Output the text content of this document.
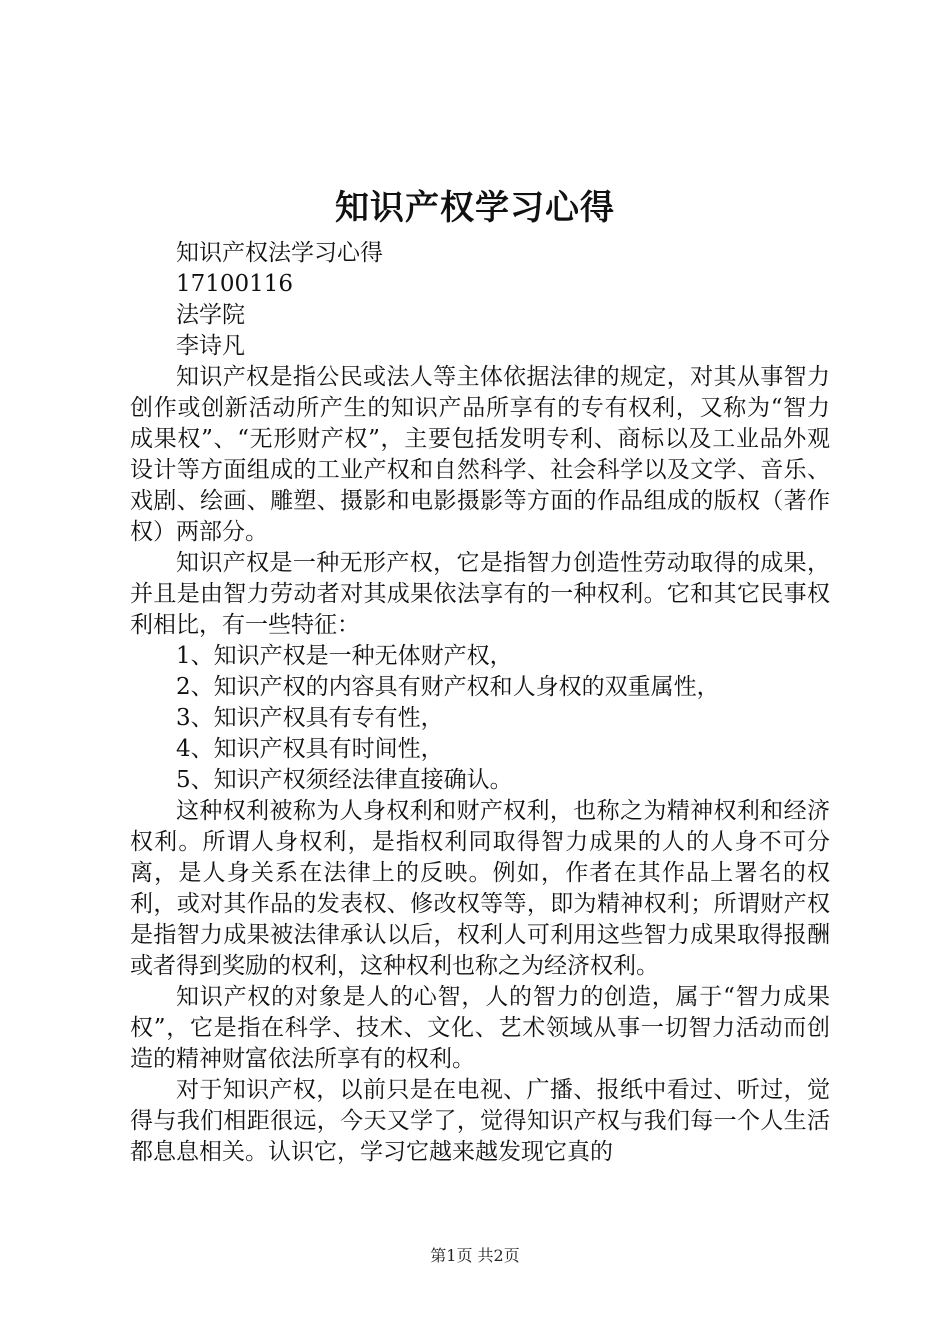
知识产权学习心得

知识产权法学习心得

17100116

法学院

李诗凡

知识产权是指公民或法人等主体依据法律的规定，对其从事智力创作或创新活动所产生的知识产品所享有的专有权利，又称为“智力成果权”、“无形财产权”，主要包括发明专利、商标以及工业品外观设计等方面组成的工业产权和自然科学、社会科学以及文学、音乐、戏剧、绘画、雕塑、摄影和电影摄影等方面的作品组成的版权（著作权）两部分。

知识产权是一种无形产权，它是指智力创造性劳动取得的成果，并且是由智力劳动者对其成果依法享有的一种权利。它和其它民事权利相比，有一些特征：

1、知识产权是一种无体财产权，

2、知识产权的内容具有财产权和人身权的双重属性，

3、知识产权具有专有性，

4、知识产权具有时间性，

5、知识产权须经法律直接确认。

这种权利被称为人身权利和财产权利，也称之为精神权利和经济权利。所谓人身权利，是指权利同取得智力成果的人的人身不可分离，是人身关系在法律上的反映。例如，作者在其作品上署名的权利，或对其作品的发表权、修改权等等，即为精神权利；所谓财产权是指智力成果被法律承认以后，权利人可利用这些智力成果取得报酬或者得到奖励的权利，这种权利也称之为经济权利。

知识产权的对象是人的心智，人的智力的创造，属于“智力成果权”，它是指在科学、技术、文化、艺术领域从事一切智力活动而创造的精神财富依法所享有的权利。

对于知识产权，以前只是在电视、广播、报纸中看过、听过，觉得与我们相距很远，今天又学了，觉得知识产权与我们每一个人生活都息息相关。认识它，学习它越来越发现它真的

第1页 共2页
